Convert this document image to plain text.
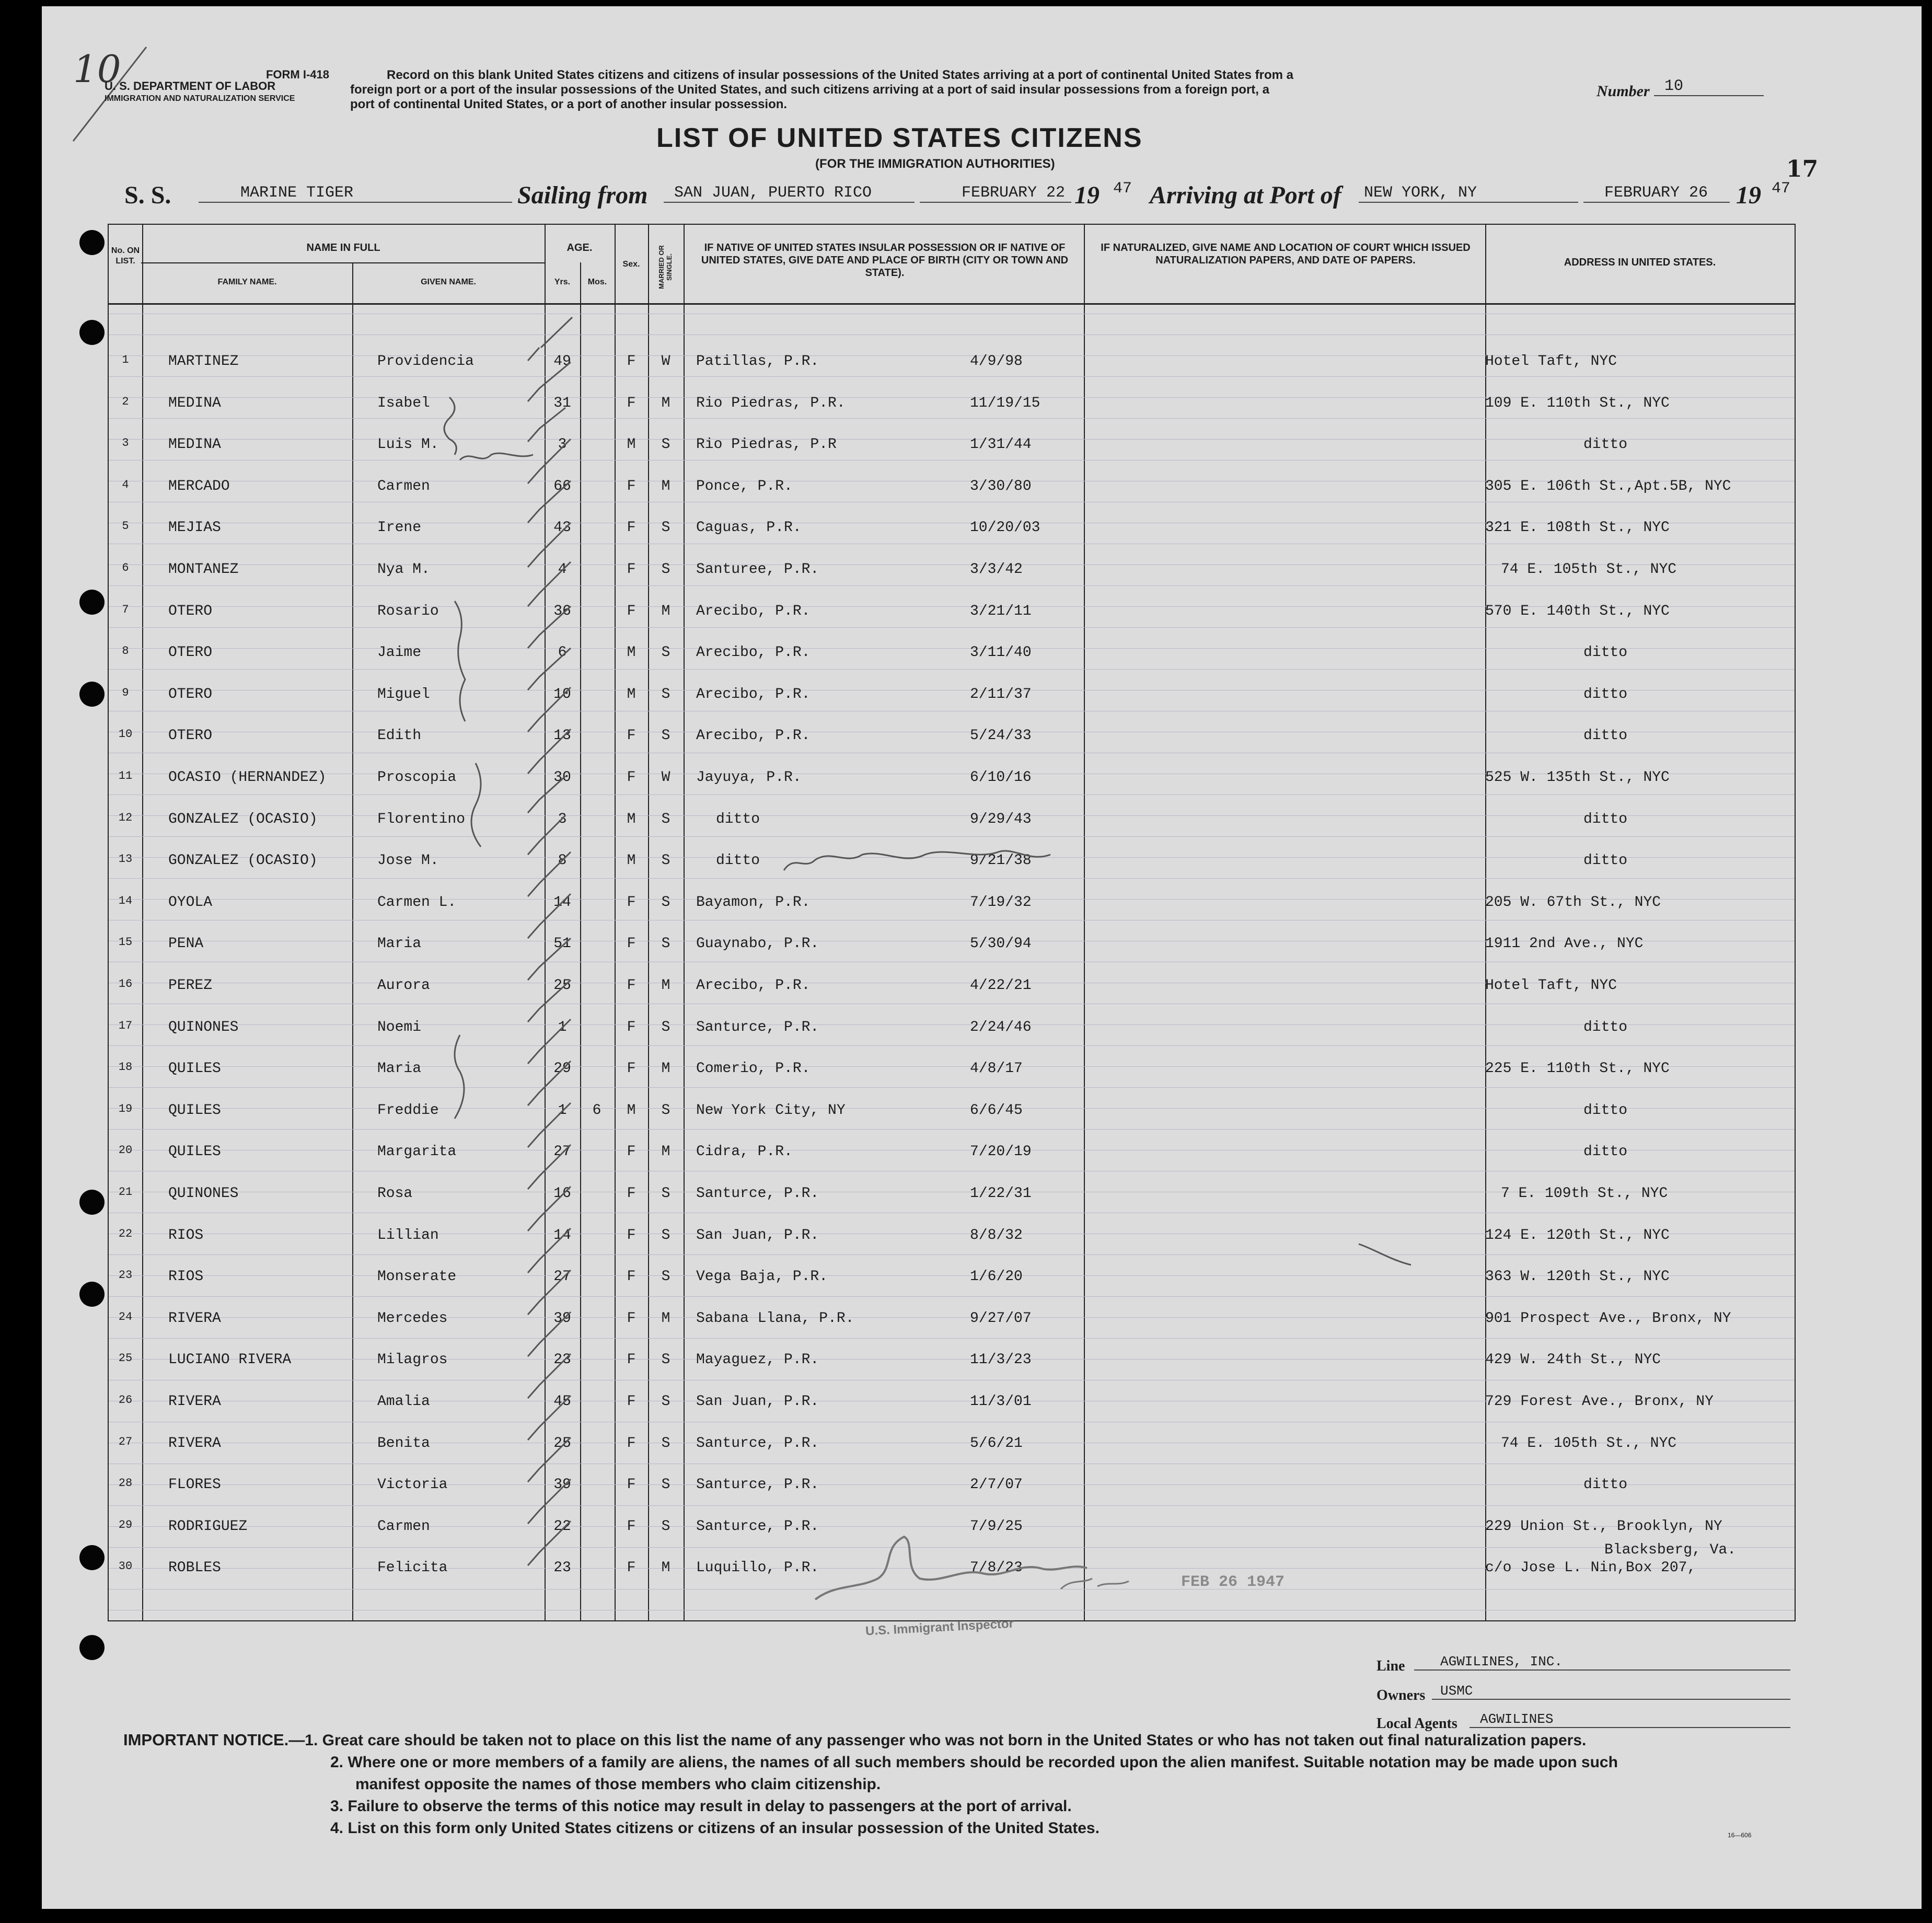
10	FORM I-418
U. S. DEPARTMENT OF LABOR
IMMIGRATION AND NATURALIZATION SERVICE
Record on this blank United States citizens and citizens of insular possessions of the United States arriving at a port of continental United States from a
foreign port or a port of the insular possessions of the United States, and such citizens arriving at a port of said insular possessions from a foreign port, a
port of continental United States, or a port of another insular possession.
Number 10
LIST OF UNITED STATES CITIZENS
(FOR THE IMMIGRATION AUTHORITIES)	17
S. S.	MARINE TIGER	Sailing from	SAN JUAN, PUERTO RICO	FEBRUARY 22 19 47 Arriving at Port of	NEW YORK, NY	FEBRUARY 26	19 47
No. ON LIST.
NAME IN FULL
FAMILY NAME.	GIVEN NAME.
AGE.
Yrs.	Mos.
Sex.	MARRIED OR SINGLE.
IF NATIVE OF UNITED STATES INSULAR POSSESSION OR IF NATIVE OF UNITED STATES, GIVE DATE AND PLACE OF BIRTH (CITY OR TOWN AND STATE).
IF NATURALIZED, GIVE NAME AND LOCATION OF COURT WHICH ISSUED NATURALIZATION PAPERS, AND DATE OF PAPERS.	ADDRESS IN UNITED STATES.
1	MARTINEZ	Providencia	49	F	W	Patillas, P.R.	4/9/98	Hotel Taft, NYC
2	MEDINA	Isabel	31	F	M	Rio Piedras, P.R.	11/19/15	109 E. 110th St., NYC
3	MEDINA	Luis M.	3	M	S	Rio Piedras, P.R	1/31/44	ditto
4	MERCADO	Carmen	66	F	M	Ponce, P.R.	3/30/80	305 E. 106th St.,Apt.5B, NYC
5	MEJIAS	Irene	43	F	S	Caguas, P.R.	10/20/03	321 E. 108th St., NYC
6	MONTANEZ	Nya M.	4	F	S	Santuree, P.R.	3/3/42	74 E. 105th St., NYC
7	OTERO	Rosario	36	F	M	Arecibo, P.R.	3/21/11	570 E. 140th St., NYC
8	OTERO	Jaime	6	M	S	Arecibo, P.R.	3/11/40	ditto
9	OTERO	Miguel	10	M	S	Arecibo, P.R.	2/11/37	ditto
10	OTERO	Edith	13	F	S	Arecibo, P.R.	5/24/33	ditto
11	OCASIO (HERNANDEZ)	Proscopia	30	F	W	Jayuya, P.R.	6/10/16	525 W. 135th St., NYC
12	GONZALEZ (OCASIO)	Florentino	3	M	S	ditto	9/29/43	ditto
13	GONZALEZ (OCASIO)	Jose M.	8	M	S	ditto	9/21/38	ditto
14	OYOLA	Carmen L.	14	F	S	Bayamon, P.R.	7/19/32	205 W. 67th St., NYC
15	PENA	Maria	51	F	S	Guaynabo, P.R.	5/30/94	1911 2nd Ave., NYC
16	PEREZ	Aurora	25	F	M	Arecibo, P.R.	4/22/21	Hotel Taft, NYC
17	QUINONES	Noemi	1	F	S	Santurce, P.R.	2/24/46	ditto
18	QUILES	Maria	29	F	M	Comerio, P.R.	4/8/17	225 E. 110th St., NYC
19	QUILES	Freddie	1	6	M	S	New York City, NY	6/6/45	ditto
20	QUILES	Margarita	27	F	M	Cidra, P.R.	7/20/19	ditto
21	QUINONES	Rosa	16	F	S	Santurce, P.R.	1/22/31	7 E. 109th St., NYC
22	RIOS	Lillian	14	F	S	San Juan, P.R.	8/8/32	124 E. 120th St., NYC
23	RIOS	Monserate	27	F	S	Vega Baja, P.R.	1/6/20	363 W. 120th St., NYC
24	RIVERA	Mercedes	39	F	M	Sabana Llana, P.R.	9/27/07	901 Prospect Ave., Bronx, NY
25	LUCIANO RIVERA	Milagros	23	F	S	Mayaguez, P.R.	11/3/23	429 W. 24th St., NYC
26	RIVERA	Amalia	45	F	S	San Juan, P.R.	11/3/01	729 Forest Ave., Bronx, NY
27	RIVERA	Benita	25	F	S	Santurce, P.R.	5/6/21	74 E. 105th St., NYC
28	FLORES	Victoria	39	F	S	Santurce, P.R.	2/7/07	ditto
29	RODRIGUEZ	Carmen	22	F	S	Santurce, P.R.	7/9/25	229 Union St., Brooklyn, NY
30	ROBLES	Felicita	23	F	M	Luquillo, P.R.	7/8/23	c/o Jose L. Nin,Box 207,
Blacksberg, Va.
U.S. Immigrant Inspector
FEB 26 1947
Line	AGWILINES, INC.
Owners	USMC
Local Agents	AGWILINES
IMPORTANT NOTICE.—1. Great care should be taken not to place on this list the name of any passenger who was not born in the United States or who has not taken out final naturalization papers.
2. Where one or more members of a family are aliens, the names of all such members should be recorded upon the alien manifest. Suitable notation may be made upon such
manifest opposite the names of those members who claim citizenship.
3. Failure to observe the terms of this notice may result in delay to passengers at the port of arrival.
4. List on this form only United States citizens or citizens of an insular possession of the United States.	16—606
